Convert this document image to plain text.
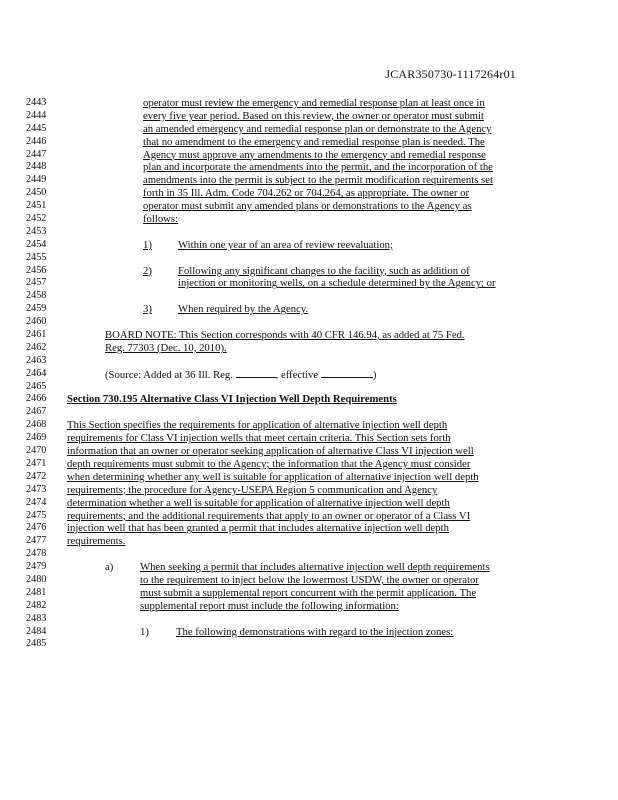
JCAR350730-1117264r01
2443	operator must review the emergency and remedial response plan at least once in
2444	every five year period. Based on this review, the owner or operator must submit
2445	an amended emergency and remedial response plan or demonstrate to the Agency
2446	that no amendment to the emergency and remedial response plan is needed. The
2447	Agency must approve any amendments to the emergency and remedial response
2448	plan and incorporate the amendments into the permit, and the incorporation of the
2449	amendments into the permit is subject to the permit modification requirements set
2450	forth in 35 Ill. Adm. Code 704.262 or 704.264, as appropriate. The owner or
2451	operator must submit any amended plans or demonstrations to the Agency as
2452	follows:
2453
2454	1) Within one year of an area of review reevaluation;
2455
2456	2) Following any significant changes to the facility, such as addition of
2457	injection or monitoring wells, on a schedule determined by the Agency; or
2458
2459	3) When required by the Agency.
2460
2461	BOARD NOTE: This Section corresponds with 40 CFR 146.94, as added at 75 Fed.
2462	Reg. 77303 (Dec. 10, 2010).
2463
2464	(Source: Added at 36 Ill. Reg.	, effective	)
2465
2466	Section 730.195 Alternative Class VI Injection Well Depth Requirements
2467
2468	This Section specifies the requirements for application of alternative injection well depth
2469	requirements for Class VI injection wells that meet certain criteria. This Section sets forth
2470	information that an owner or operator seeking application of alternative Class VI injection well
2471	depth requirements must submit to the Agency; the information that the Agency must consider
2472	when determining whether any well is suitable for application of alternative injection well depth
2473	requirements; the procedure for Agency-USEPA Region 5 communication and Agency
2474	determination whether a well is suitable for application of alternative injection well depth
2475	requirements; and the additional requirements that apply to an owner or operator of a Class VI
2476	injection well that has been granted a permit that includes alternative injection well depth
2477	requirements.
2478
2479	a) When seeking a permit that includes alternative injection well depth requirements
2480	to the requirement to inject below the lowermost USDW, the owner or operator
2481	must submit a supplemental report concurrent with the permit application. The
2482	supplemental report must include the following information:
2483
2484	1)	The following demonstrations with regard to the injection zones:
2485
